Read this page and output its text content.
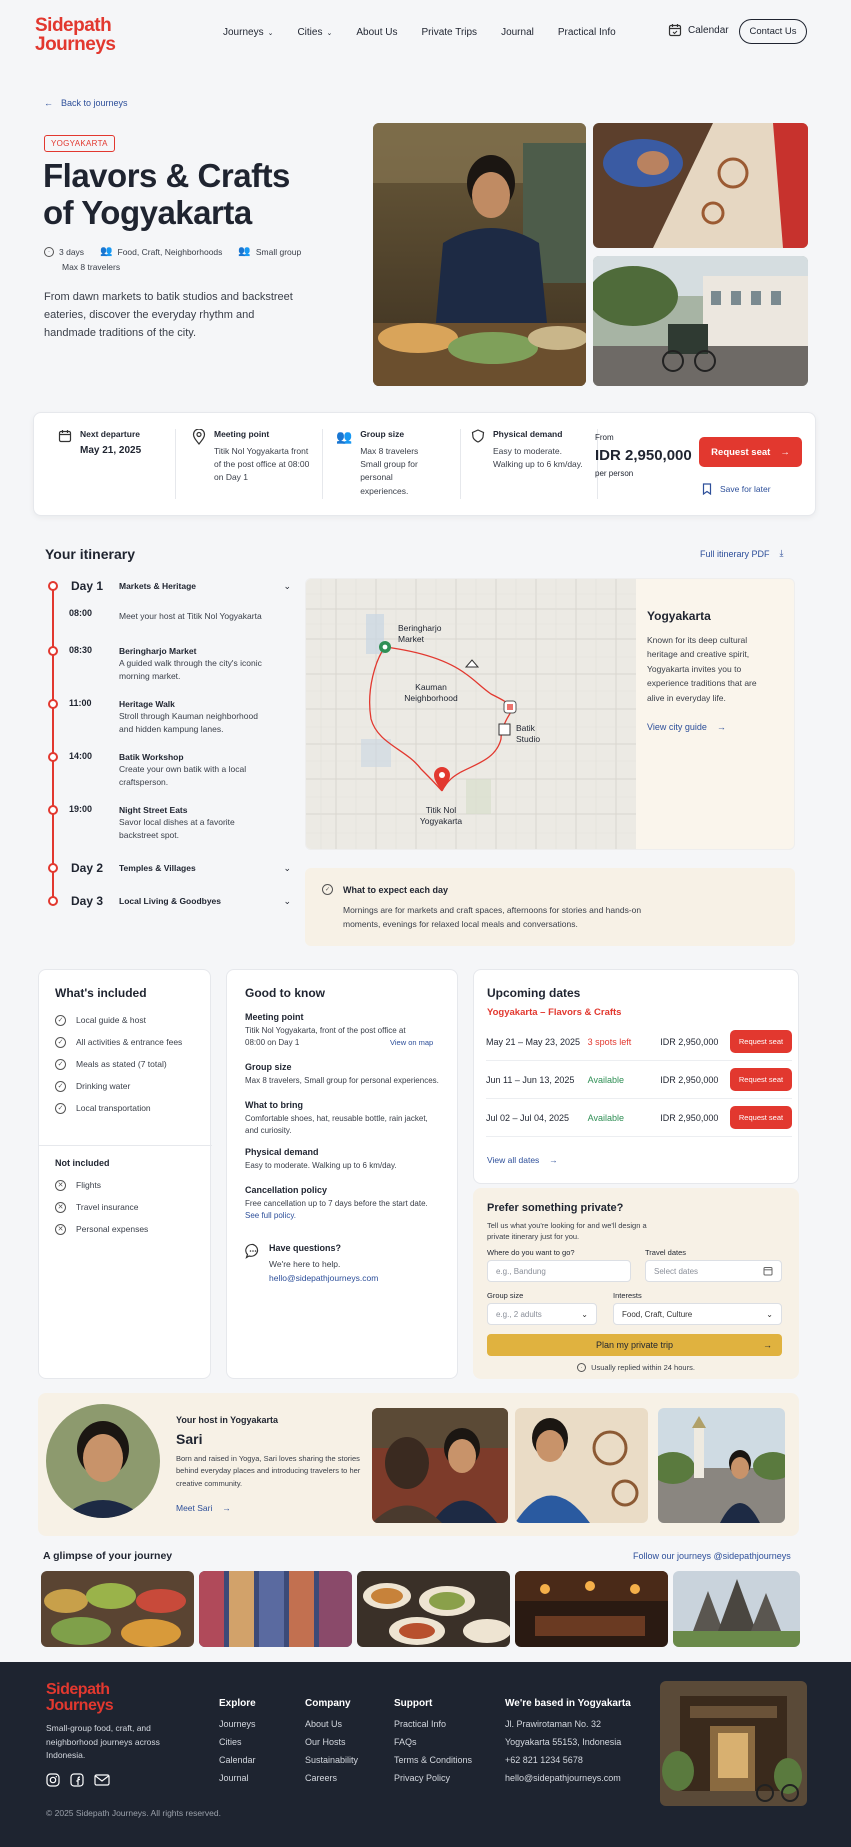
Sidepath
Journeys
Journeys ⌄ Cities ⌄ About Us Private Trips Journal Practical Info	Calendar	Contact Us
← Back to journeys
YOGYAKARTA
Flavors & Crafts
of Yogyakarta
·	3 days 👥 Food, Craft, Neighborhoods 👥 Small group
Max 8 travelers
From dawn markets to batik studios and backstreet eateries, discover the everyday rhythm and handmade traditions of the city.
Next departure
May 21, 2025
Meeting point
Titik Nol Yogyakarta front of the post office at 08:00 on Day 1
👥 Group size
Max 8 travelers Small group for personal experiences.
Physical demand
Easy to moderate. Walking up to 6 km/day.
From
IDR 2,950,000
per person
Request seat →
Save for later
Your itinerary	Full itinerary PDF ⤓
Day 1	Markets & Heritage	⌄
08:00	Meet your host at Titik Nol Yogyakarta
08:30	Beringharjo Market
A guided walk through the city's iconic morning market.
11:00	Heritage Walk
Stroll through Kauman neighborhood and hidden kampung lanes.
14:00	Batik Workshop
Create your own batik with a local craftsperson.
19:00	Night Street Eats
Savor local dishes at a favorite backstreet spot.
Day 2	Temples & Villages	⌄
Day 3	Local Living & Goodbyes	⌄
Beringharjo Market
Kauman Neighborhood
Batik Studio
Titik Nol Yogyakarta
Yogyakarta
Known for its deep cultural heritage and creative spirit, Yogyakarta invites you to experience traditions that are alive in everyday life.
View city guide →
✓	What to expect each day
Mornings are for markets and craft spaces, afternoons for stories and hands-on moments, evenings for relaxed local meals and conversations.
What's included
✓	Local guide & host
✓	All activities & entrance fees
✓	Meals as stated (7 total)
✓	Drinking water
✓	Local transportation
Not included
✕	Flights
✕	Travel insurance
✕	Personal expenses
Good to know
Meeting point
Titik Nol Yogyakarta, front of the post office at 08:00 on Day 1	View on map
Group size
Max 8 travelers, Small group for personal experiences.
What to bring
Comfortable shoes, hat, reusable bottle, rain jacket, and curiosity.
Physical demand
Easy to moderate. Walking up to 6 km/day.
Cancellation policy
Free cancellation up to 7 days before the start date.
See full policy.
Have questions?
We're here to help.
hello@sidepathjourneys.com
Upcoming dates
Yogyakarta – Flavors & Crafts
May 21 – May 23, 2025 3 spots left	IDR 2,950,000	Request seat
Jun 11 – Jun 13, 2025	Available	IDR 2,950,000	Request seat
Jul 02 – Jul 04, 2025	Available	IDR 2,950,000	Request seat
View all dates →
Prefer something private?
Tell us what you're looking for and we'll design a private itinerary just for you.
Where do you want to go?
e.g., Bandung
Travel dates
Select dates
Group size
e.g., 2 adults	⌄
Interests
Food, Craft, Culture	⌄
Plan my private trip	→
·	Usually replied within 24 hours.
Your host in Yogyakarta
Sari
Born and raised in Yogya, Sari loves sharing the stories behind everyday places and introducing travelers to her creative community.
Meet Sari →
A glimpse of your journey	Follow our journeys @sidepathjourneys
Sidepath
Journeys
Small-group food, craft, and neighborhood journeys across Indonesia.
Explore
Journeys
Cities
Calendar
Journal
Company
About Us
Our Hosts
Sustainability
Careers
Support
Practical Info
FAQs
Terms & Conditions
Privacy Policy
We're based in Yogyakarta
Jl. Prawirotaman No. 32
Yogyakarta 55153, Indonesia
+62 821 1234 5678
hello@sidepathjourneys.com
© 2025 Sidepath Journeys. All rights reserved.
